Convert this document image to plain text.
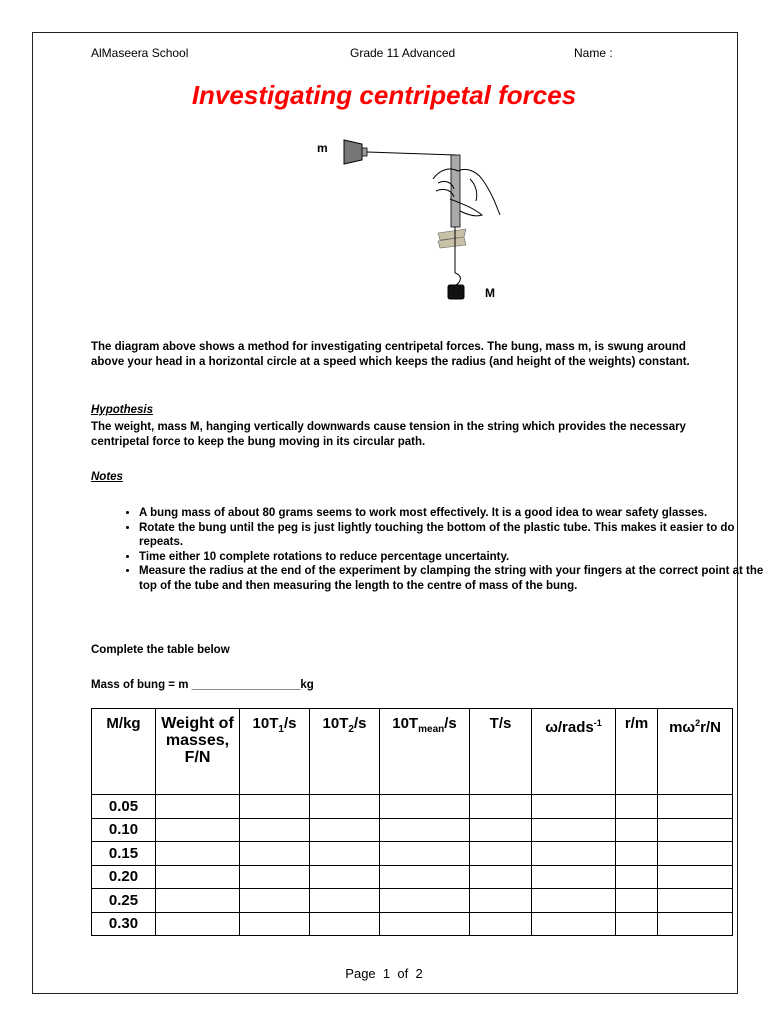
AlMaseera School	Grade 11 Advanced	Name :
Investigating centripetal forces
m
M
The diagram above shows a method for investigating centripetal forces. The bung, mass m, is swung around above your head in a horizontal circle at a speed which keeps the radius (and height of the weights) constant.
Hypothesis
The weight, mass M, hanging vertically downwards cause tension in the string which provides the necessary centripetal force to keep the bung moving in its circular path.
Notes
• A bung mass of about 80 grams seems to work most effectively. It is a good idea to wear safety glasses.
• Rotate the bung until the peg is just lightly touching the bottom of the plastic tube. This makes it easier to do repeats.
• Time either 10 complete rotations to reduce percentage uncertainty.
• Measure the radius at the end of the experiment by clamping the string with your fingers at the correct point at the top of the tube and then measuring the length to the centre of mass of the bung.
Complete the table below
Mass of bung = m _________________kg
M/kg	Weight of masses, F/N	$10T_1/s$	$10T_2/s$	$10T_{mean}/s$	T/s	ω/rads$^{-1}$	r/m	$m\omega^2r/N$
0.05								
0.10								
0.15								
0.20								
0.25								
0.30								
Page 1 of 2
